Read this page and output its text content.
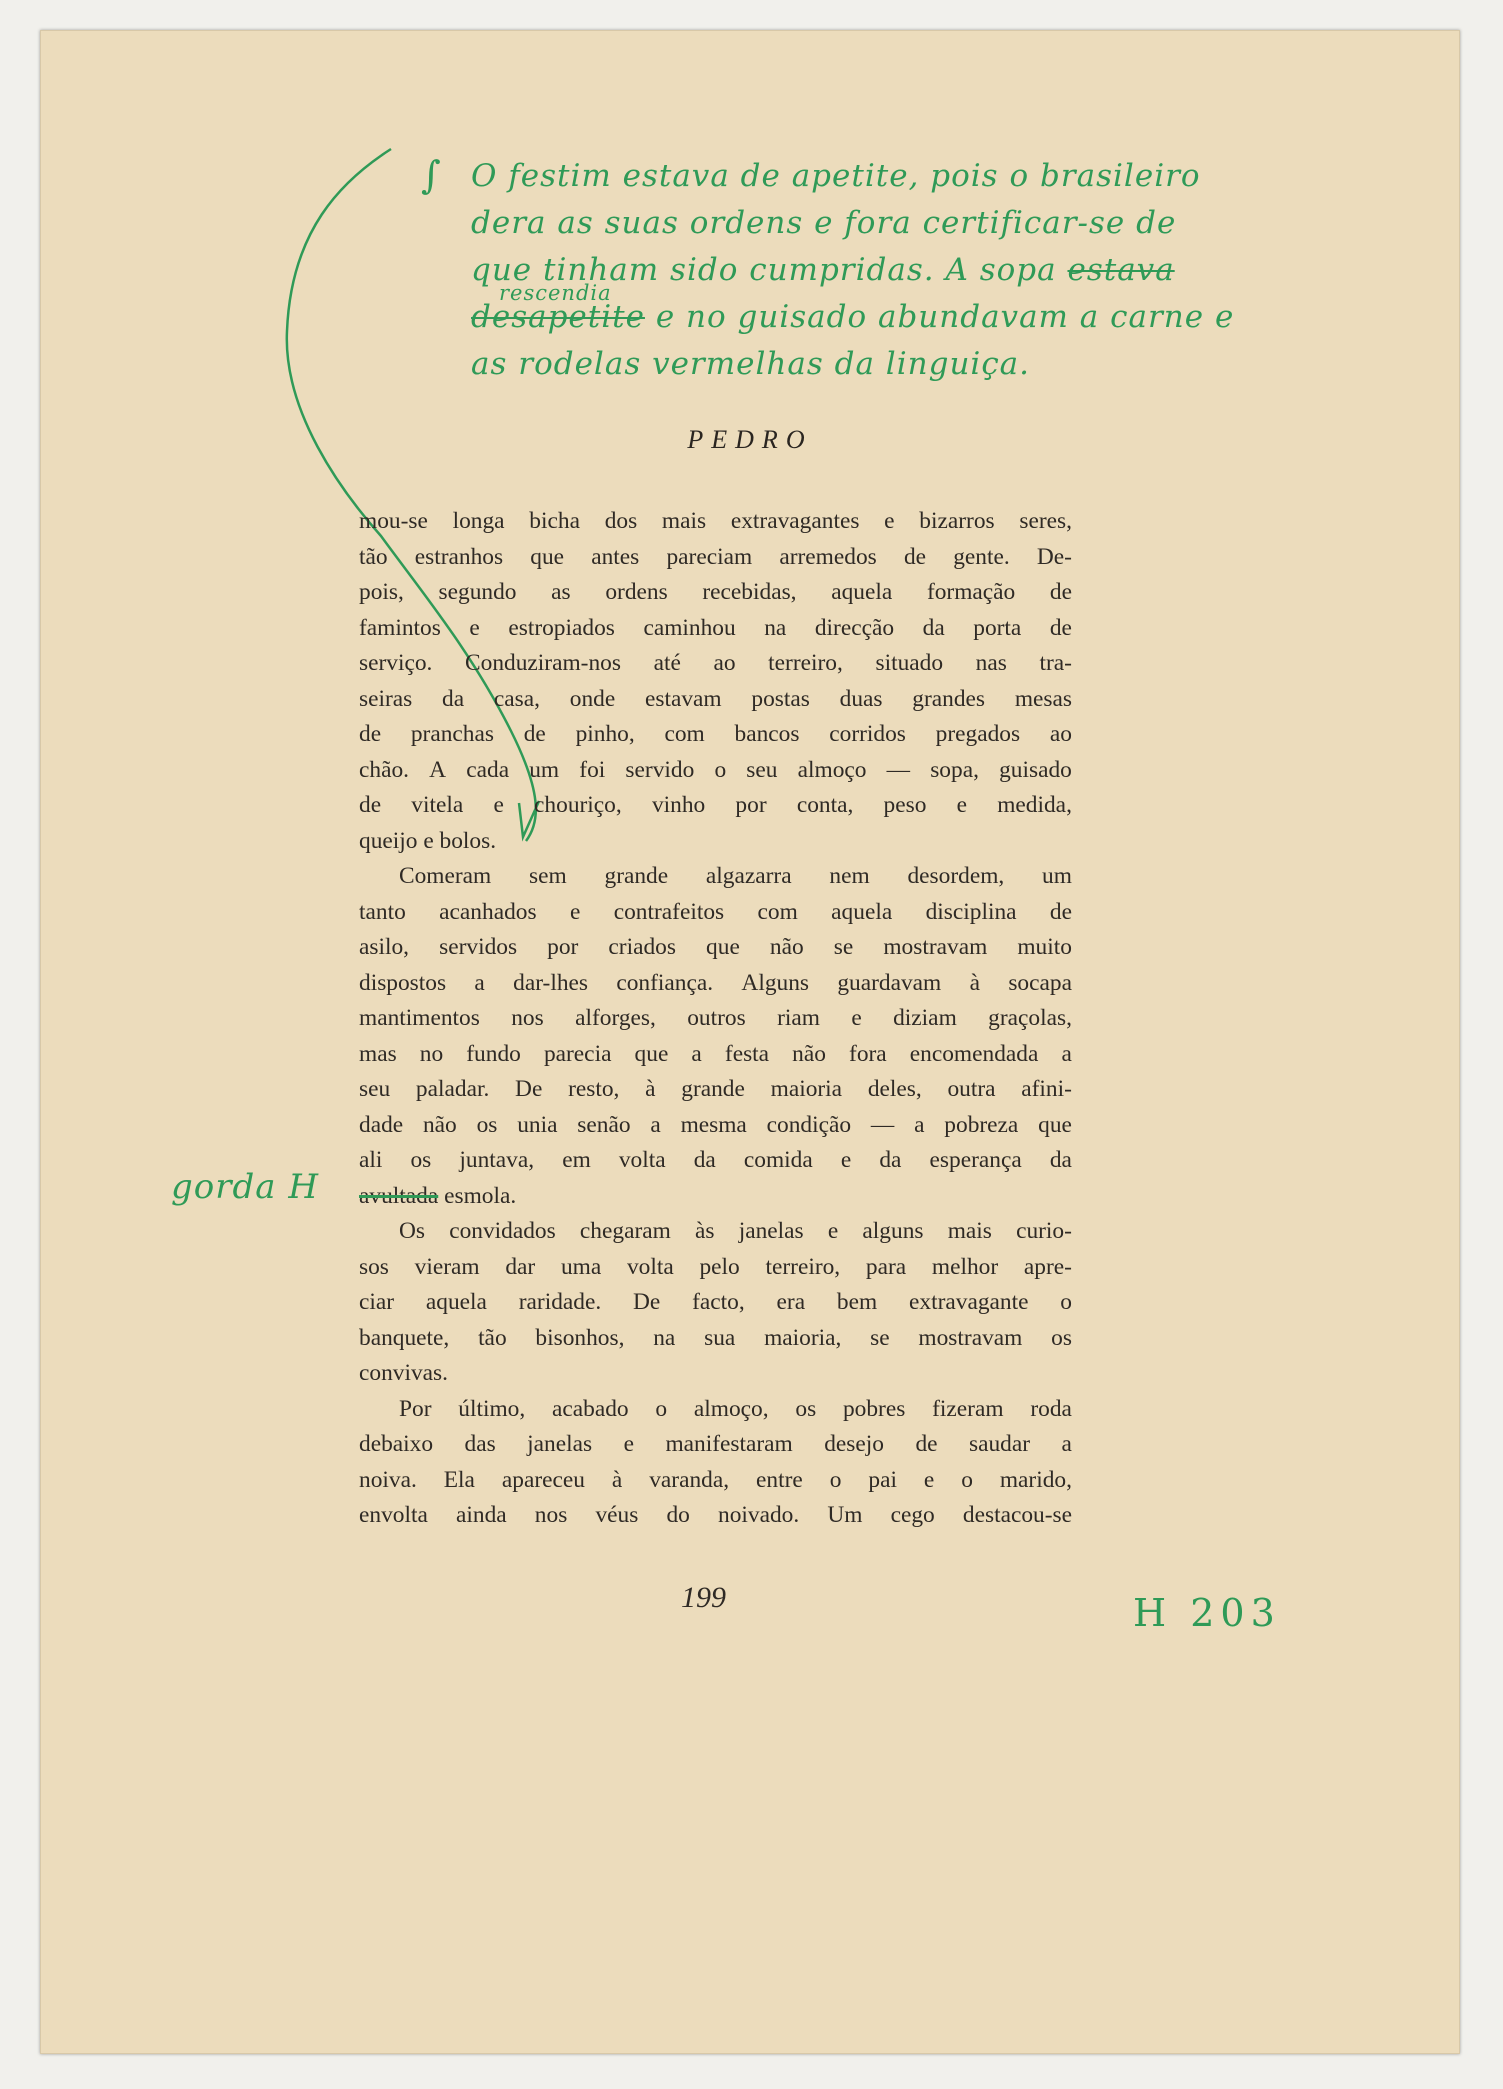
∫ O festim estava de apetite, pois o brasileiro
dera as suas ordens e fora certificar-se de
que tinham sido cumpridas. A sopa estava
desapetite e no guisado abundavam a carne e
as rodelas vermelhas da linguiça.
rescendia
PEDRO
mou-se longa bicha dos mais extravagantes e bizarros seres,
tão estranhos que antes pareciam arremedos de gente. De-
pois, segundo as ordens recebidas, aquela formação de
famintos e estropiados caminhou na direcção da porta de
serviço. Conduziram-nos até ao terreiro, situado nas tra-
seiras da casa, onde estavam postas duas grandes mesas
de pranchas de pinho, com bancos corridos pregados ao
chão. A cada um foi servido o seu almoço — sopa, guisado
de vitela e chouriço, vinho por conta, peso e medida,
queijo e bolos.
Comeram sem grande algazarra nem desordem, um
tanto acanhados e contrafeitos com aquela disciplina de
asilo, servidos por criados que não se mostravam muito
dispostos a dar-lhes confiança. Alguns guardavam à socapa
mantimentos nos alforges, outros riam e diziam graçolas,
mas no fundo parecia que a festa não fora encomendada a
seu paladar. De resto, à grande maioria deles, outra afini-
dade não os unia senão a mesma condição — a pobreza que
ali os juntava, em volta da comida e da esperança da
avultada
esmola.
Os convidados chegaram às janelas e alguns mais curio-
sos vieram dar uma volta pelo terreiro, para melhor apre-
ciar aquela raridade. De facto, era bem extravagante o
banquete, tão bisonhos, na sua maioria, se mostravam os
convivas.
Por último, acabado o almoço, os pobres fizeram roda
debaixo das janelas e manifestaram desejo de saudar a
noiva. Ela apareceu à varanda, entre o pai e o marido,
envolta ainda nos véus do noivado. Um cego destacou-se
gorda H
199	H 203
